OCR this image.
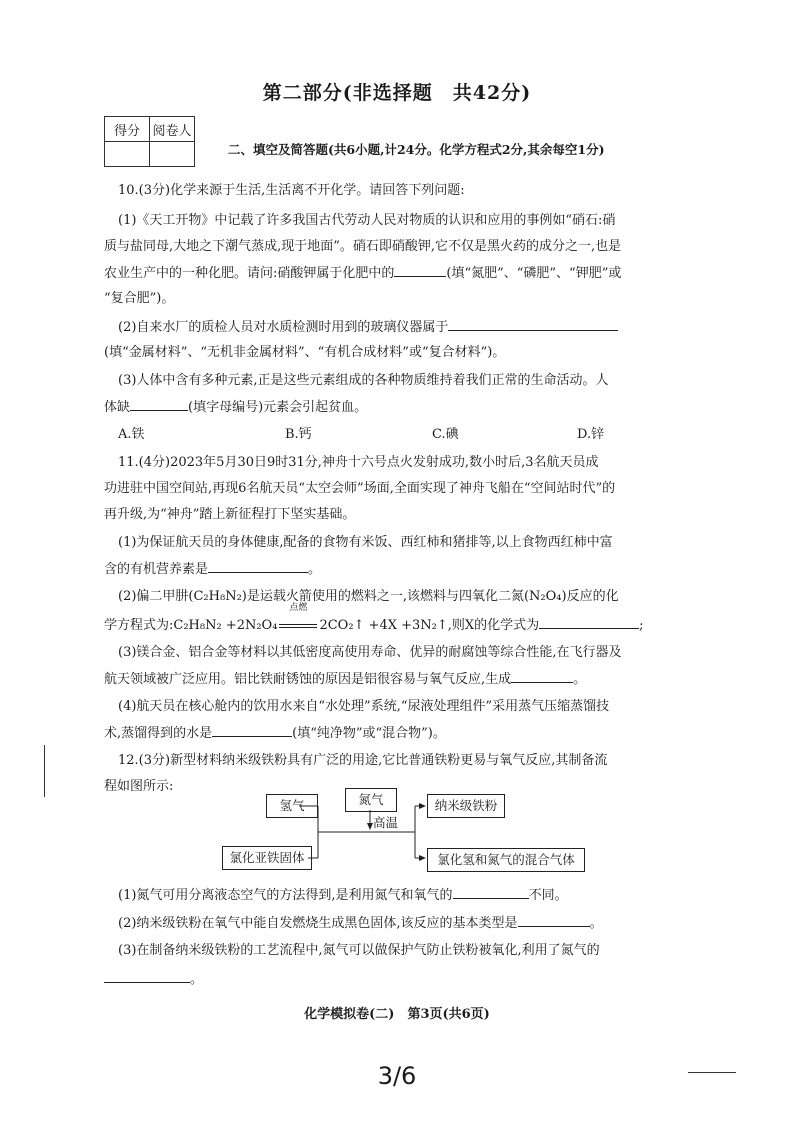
第二部分(非选择题　共42分)
得分	阅卷人

二、填空及简答题(共6小题,计24分。化学方程式2分,其余每空1分)
10.(3分)化学来源于生活,生活离不开化学。请回答下列问题:
(1)《天工开物》中记载了许多我国古代劳动人民对物质的认识和应用的事例如“硝石:硝
质与盐同母,大地之下潮气蒸成,现于地面”。硝石即硝酸钾,它不仅是黑火药的成分之一,也是
农业生产中的一种化肥。请问:硝酸钾属于化肥中的	(填“氮肥”、“磷肥”、“钾肥”或
“复合肥”)。
(2)自来水厂的质检人员对水质检测时用到的玻璃仪器属于
(填“金属材料”、“无机非金属材料”、“有机合成材料”或“复合材料”)。
(3)人体中含有多种元素,正是这些元素组成的各种物质维持着我们正常的生命活动。人
体缺	(填字母编号)元素会引起贫血。
A.铁	B.钙	C.碘	D.锌
11.(4分)2023年5月30日9时31分,神舟十六号点火发射成功,数小时后,3名航天员成
功进驻中国空间站,再现6名航天员“太空会师”场面,全面实现了神舟飞船在“空间站时代”的
再升级,为“神舟”踏上新征程打下坚实基础。
(1)为保证航天员的身体健康,配备的食物有米饭、西红柿和猪排等,以上食物西红柿中富
含的有机营养素是	。
(2)偏二甲肼(C₂H₈N₂)是运载火箭使用的燃料之一,该燃料与四氧化二氮(N₂O₄)反应的化
学方程式为:C₂H₈N₂ +2N₂O₄
点燃
2CO₂↑ +4X +3N₂↑,则X的化学式为	;
(3)镁合金、铝合金等材料以其低密度高使用寿命、优异的耐腐蚀等综合性能,在飞行器及
航天领域被广泛应用。铝比铁耐锈蚀的原因是铝很容易与氧气反应,生成	。
(4)航天员在核心舱内的饮用水来自“水处理”系统,“尿液处理组件”采用蒸气压缩蒸馏技
术,蒸馏得到的水是	(填“纯净物”或“混合物”)。
12.(3分)新型材料纳米级铁粉具有广泛的用途,它比普通铁粉更易与氧气反应,其制备流
程如图所示:
氢气	氮气
高温
氯化亚铁固体
纳米级铁粉
氯化氢和氮气的混合气体
(1)氮气可用分离液态空气的方法得到,是利用氮气和氧气的	不同。
(2)纳米级铁粉在氧气中能自发燃烧生成黑色固体,该反应的基本类型是	。
(3)在制备纳米级铁粉的工艺流程中,氮气可以做保护气防止铁粉被氧化,利用了氮气的
。
化学模拟卷(二)　第3页(共6页)
3/6
